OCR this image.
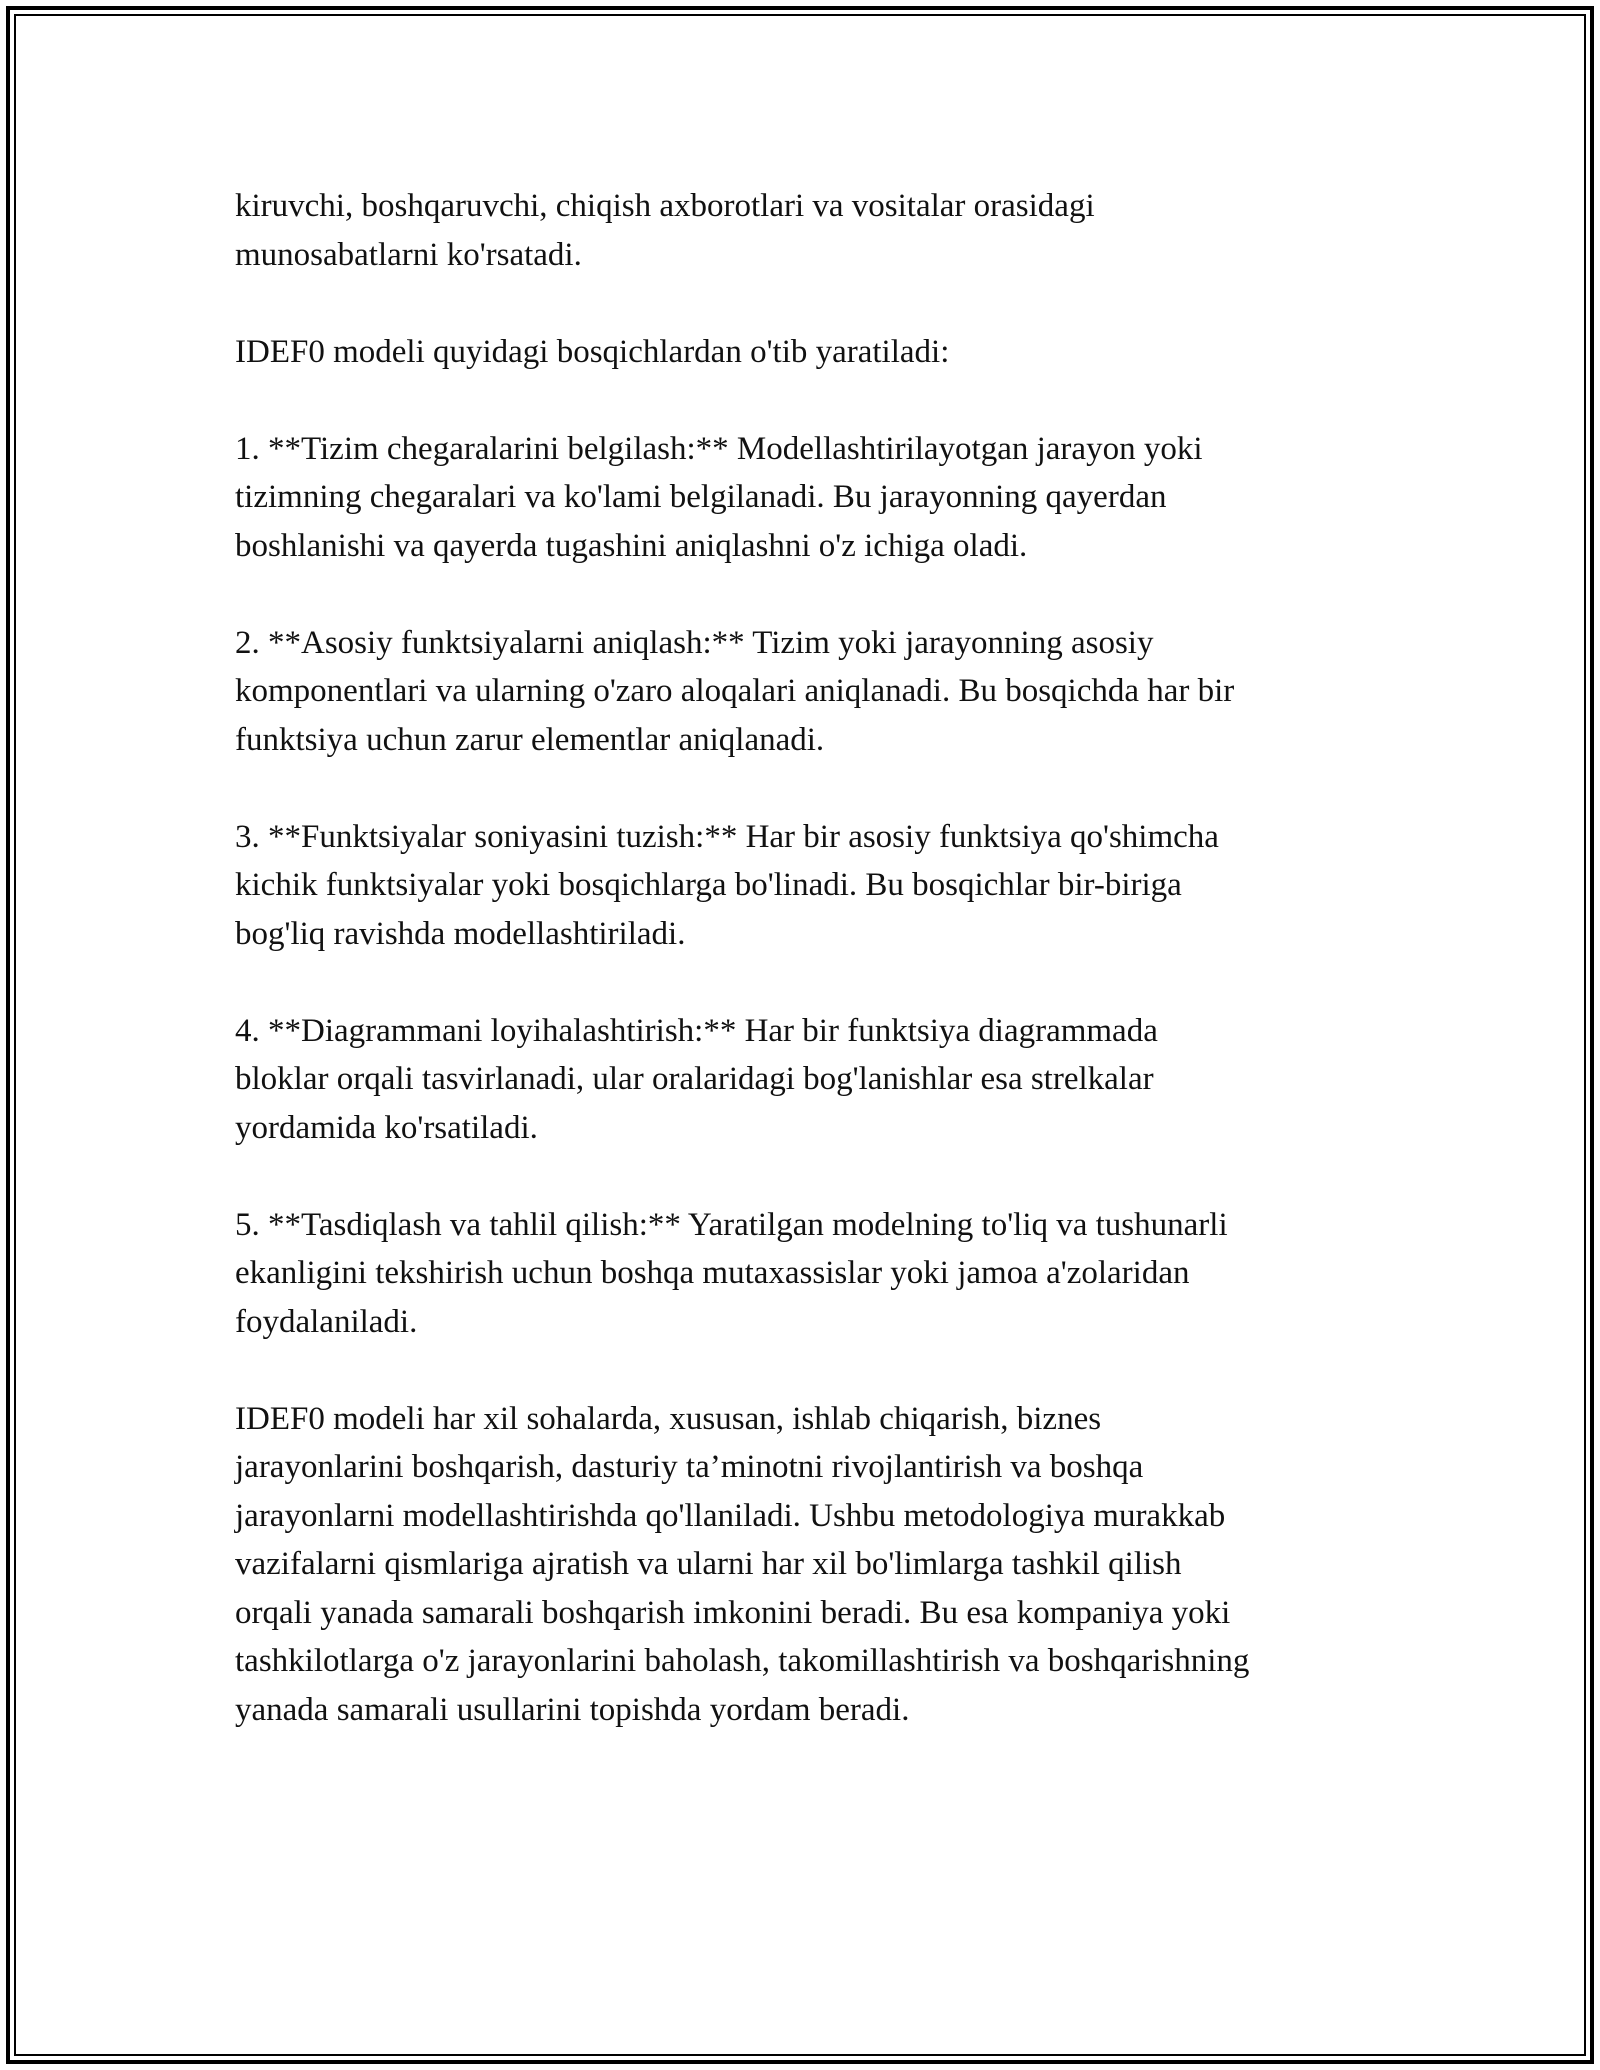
kiruvchi, boshqaruvchi, chiqish axborotlari va vositalar orasidagi
munosabatlarni ko'rsatadi.

IDEF0 modeli quyidagi bosqichlardan o'tib yaratiladi:

1. **Tizim chegaralarini belgilash:** Modellashtirilayotgan jarayon yoki
tizimning chegaralari va ko'lami belgilanadi. Bu jarayonning qayerdan
boshlanishi va qayerda tugashini aniqlashni o'z ichiga oladi.

2. **Asosiy funktsiyalarni aniqlash:** Tizim yoki jarayonning asosiy
komponentlari va ularning o'zaro aloqalari aniqlanadi. Bu bosqichda har bir
funktsiya uchun zarur elementlar aniqlanadi.

3. **Funktsiyalar soniyasini tuzish:** Har bir asosiy funktsiya qo'shimcha
kichik funktsiyalar yoki bosqichlarga bo'linadi. Bu bosqichlar bir-biriga
bog'liq ravishda modellashtiriladi.

4. **Diagrammani loyihalashtirish:** Har bir funktsiya diagrammada
bloklar orqali tasvirlanadi, ular oralaridagi bog'lanishlar esa strelkalar
yordamida ko'rsatiladi.

5. **Tasdiqlash va tahlil qilish:** Yaratilgan modelning to'liq va tushunarli
ekanligini tekshirish uchun boshqa mutaxassislar yoki jamoa a'zolaridan
foydalaniladi.

IDEF0 modeli har xil sohalarda, xususan, ishlab chiqarish, biznes
jarayonlarini boshqarish, dasturiy ta’minotni rivojlantirish va boshqa
jarayonlarni modellashtirishda qo'llaniladi. Ushbu metodologiya murakkab
vazifalarni qismlariga ajratish va ularni har xil bo'limlarga tashkil qilish
orqali yanada samarali boshqarish imkonini beradi. Bu esa kompaniya yoki
tashkilotlarga o'z jarayonlarini baholash, takomillashtirish va boshqarishning
yanada samarali usullarini topishda yordam beradi.
